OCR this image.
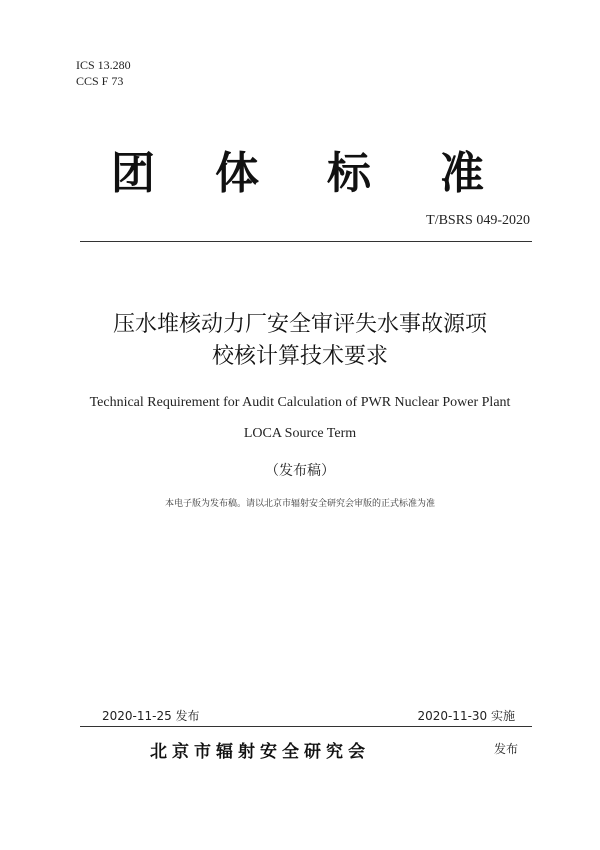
ICS 13.280
CCS F 73
团 体 标 准
T/BSRS 049-2020
压水堆核动力厂安全审评失水事故源项
校核计算技术要求
Technical Requirement for Audit Calculation of PWR Nuclear Power Plant
LOCA Source Term
（发布稿）
本电子版为发布稿。请以北京市辐射安全研究会审版的正式标准为准
2020-11-25 发布	2020-11-30 实施
北京市辐射安全研究会	发布
